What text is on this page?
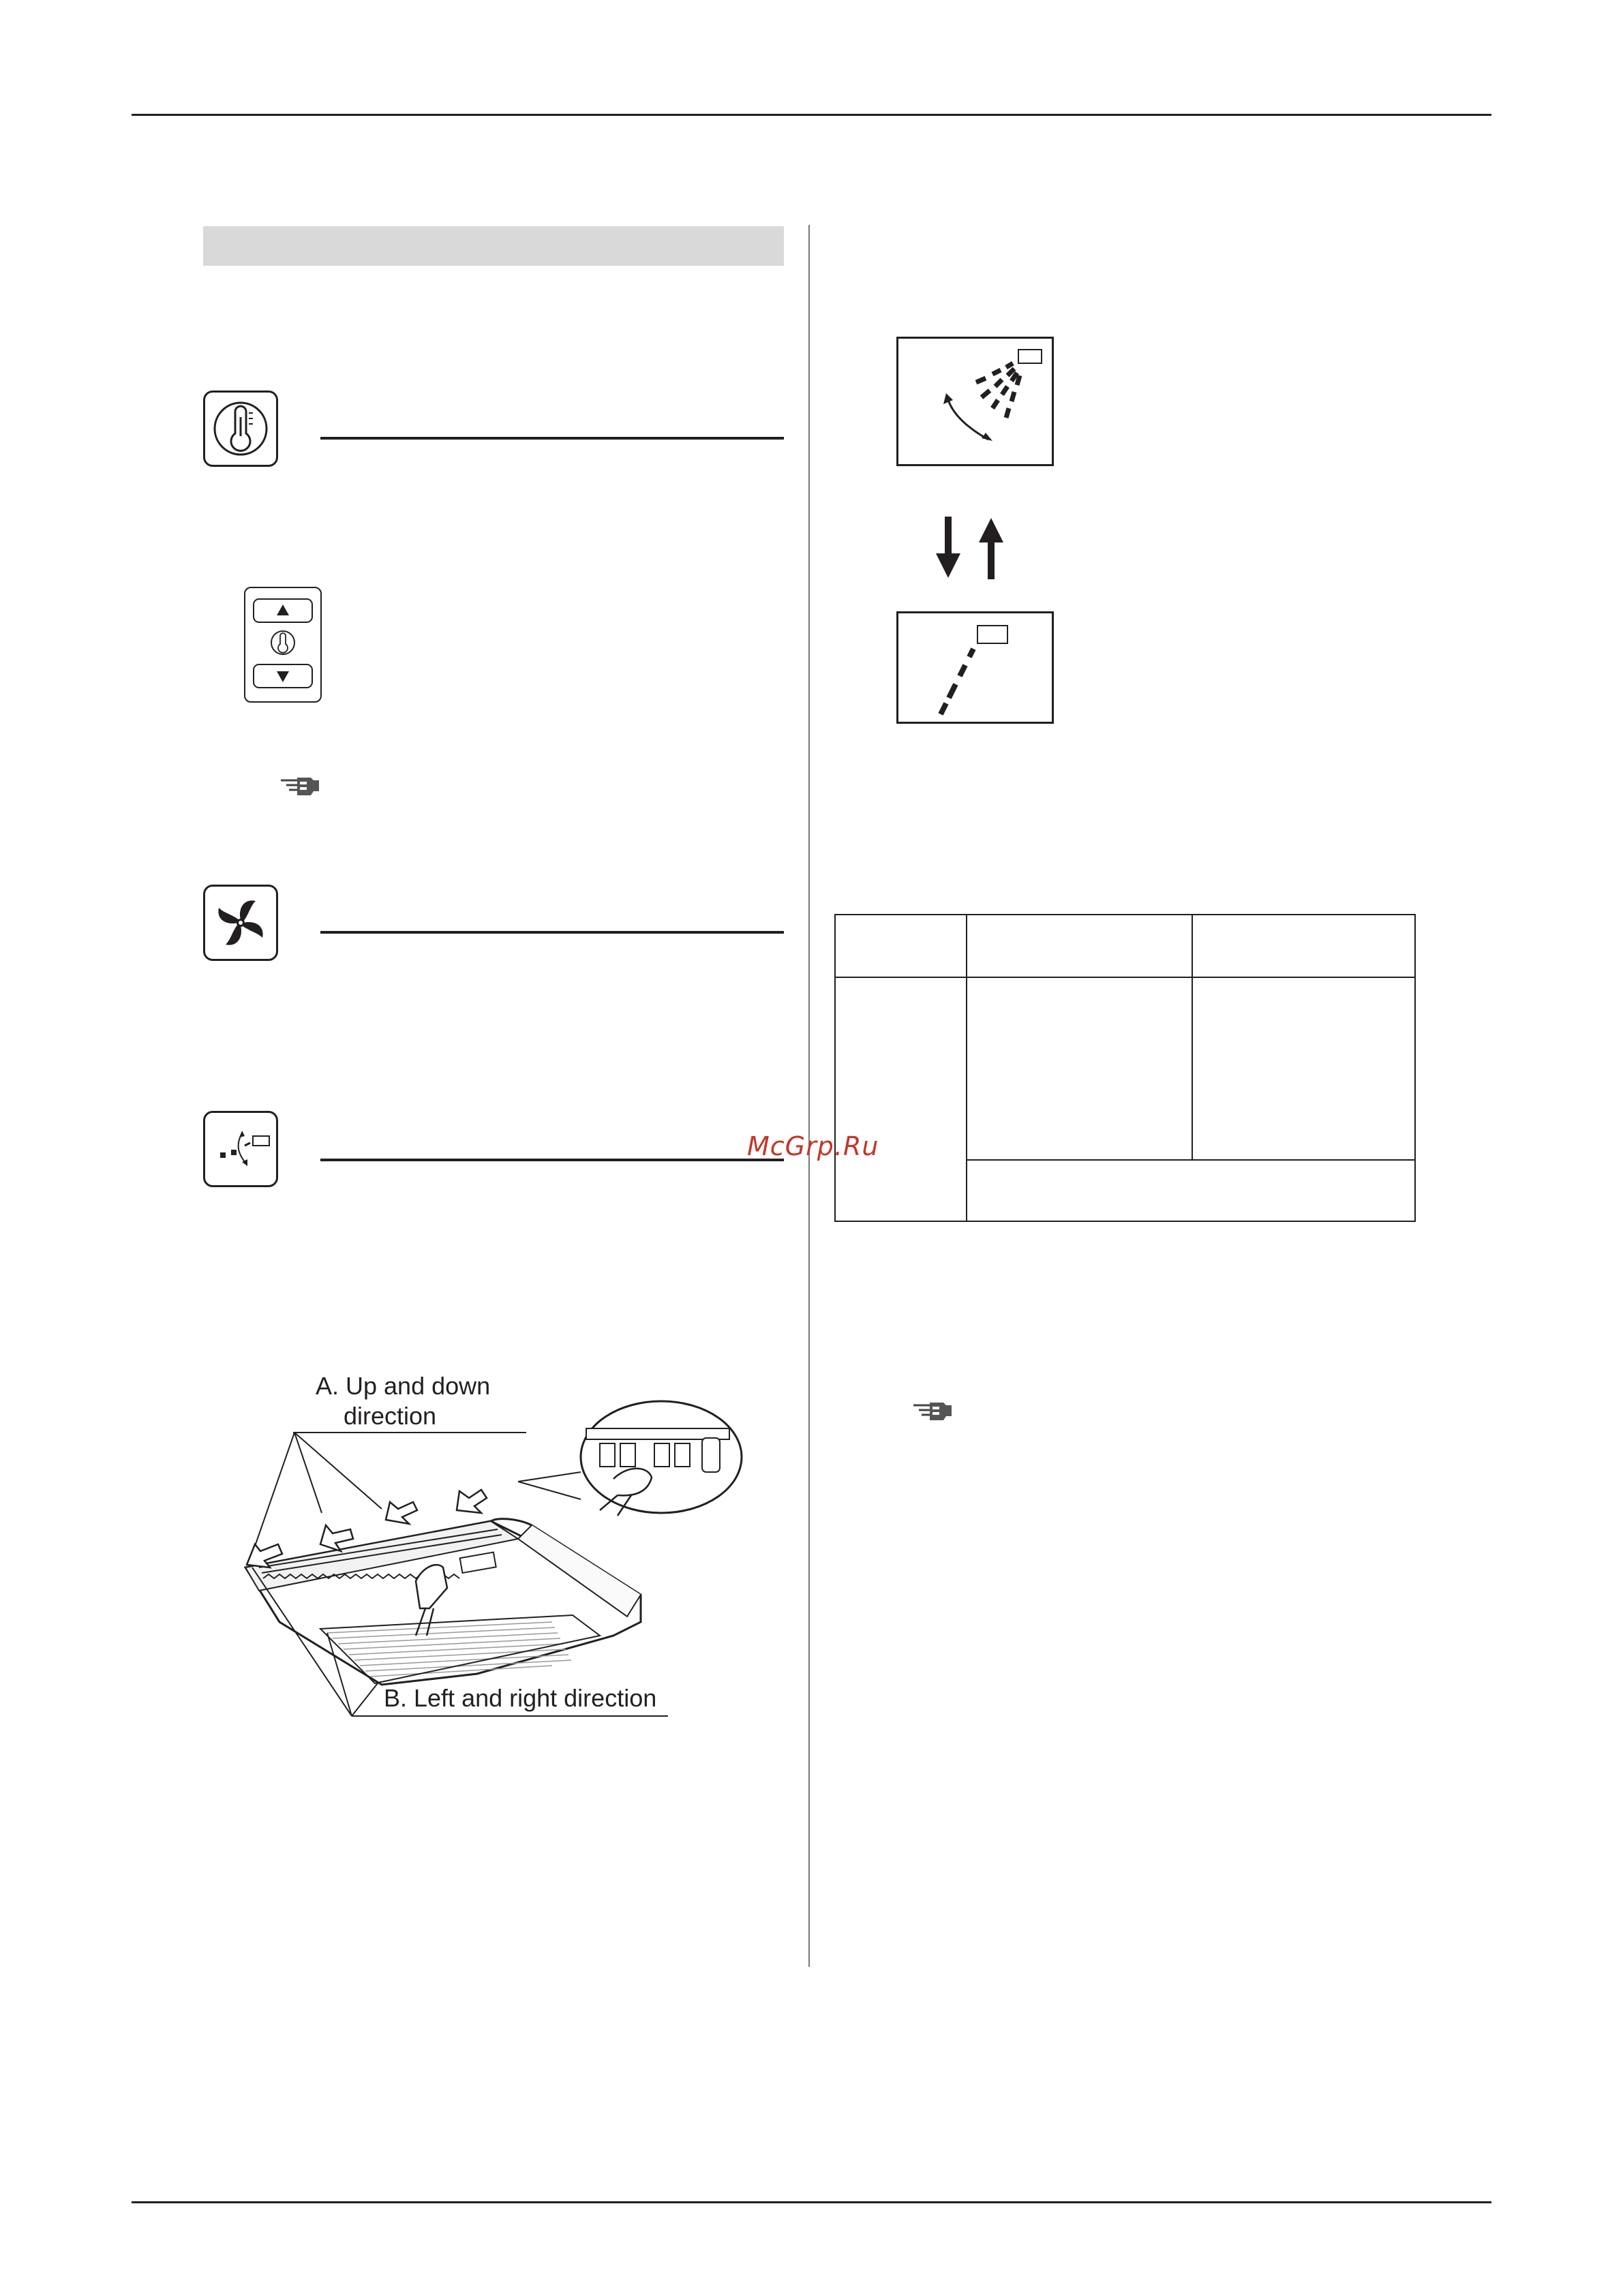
McGrp.Ru
A. Up and down
direction
B. Left and right direction
